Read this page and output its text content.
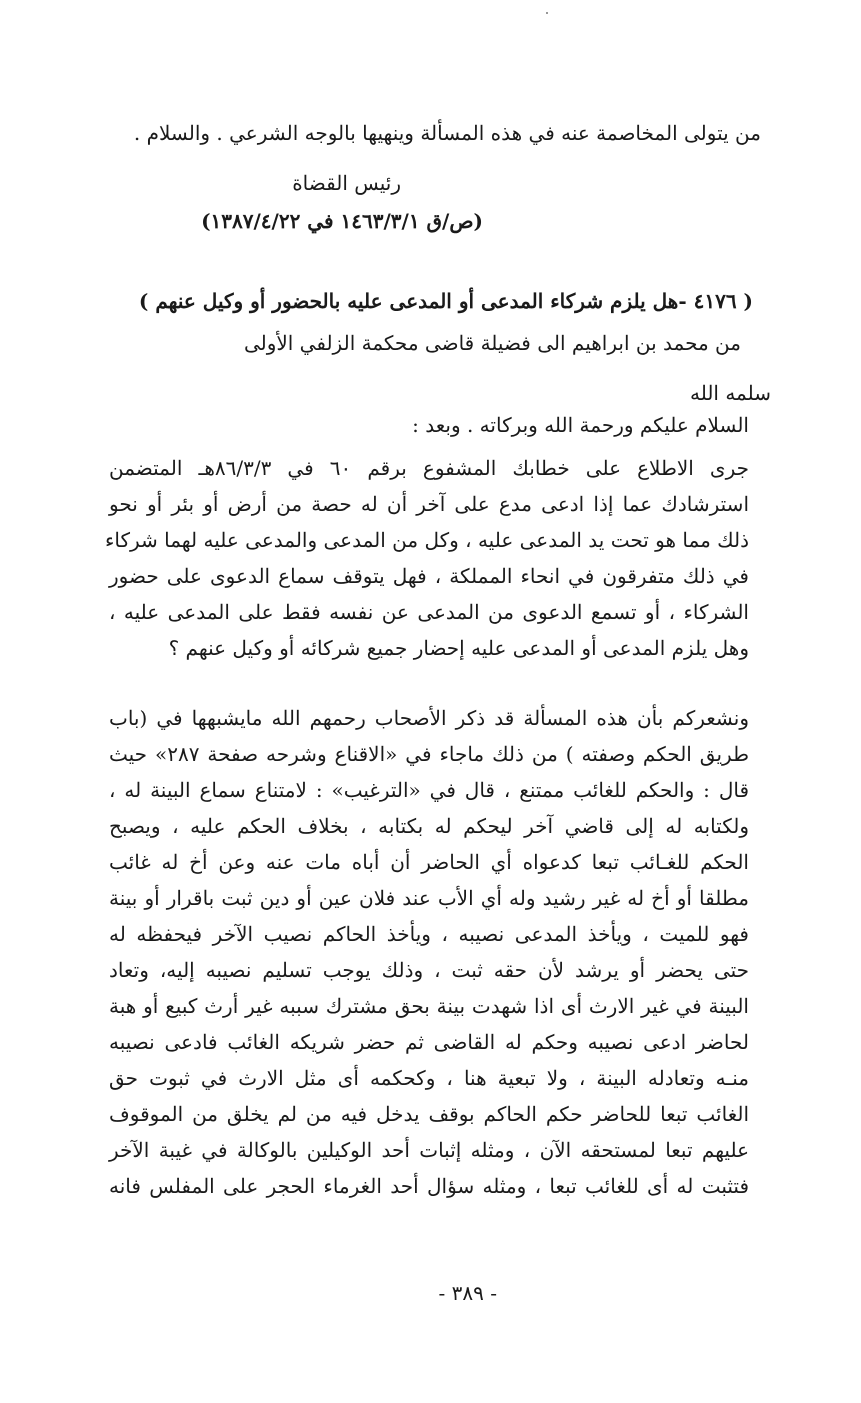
من يتولى المخاصمة عنه في هذه المسألة وينهيها بالوجه الشرعي . والسلام .
رئيس القضاة
(ص/ق ١٤٦٣/٣/١ في ١٣٨٧/٤/٢٢)
( ٤١٧٦ -هل يلزم شركاء المدعى أو المدعى عليه بالحضور أو وكيل عنهم )
من محمد بن ابراهيم الى فضيلة قاضى محكمة الزلفي الأولى
سلمه الله
السلام عليكم ورحمة الله وبركاته . وبعد :
جرى الاطلاع على خطابك المشفوع برقم ٦٠ في ٨٦/٣/٣هـ المتضمن
استرشادك عما إذا ادعى مدع على آخر أن له حصة من أرض أو بئر أو نحو
ذلك مما هو تحت يد المدعى عليه ، وكل من المدعى والمدعى عليه لهما شركاء
في ذلك متفرقون في انحاء المملكة ، فهل يتوقف سماع الدعوى على حضور
الشركاء ، أو تسمع الدعوى من المدعى عن نفسه فقط على المدعى عليه ،
وهل يلزم المدعى أو المدعى عليه إحضار جميع شركائه أو وكيل عنهم ؟
ونشعركم بأن هذه المسألة قد ذكر الأصحاب رحمهم الله مايشبهها في (باب
طريق الحكم وصفته ) من ذلك ماجاء في «الاقناع وشرحه صفحة ٢٨٧» حيث
قال : والحكم للغائب ممتنع ، قال في «الترغيب» : لامتناع سماع البينة له ،
ولكتابه له إلى قاضي آخر ليحكم له بكتابه ، بخلاف الحكم عليه ، ويصبح
الحكم للغـائب تبعا كدعواه أي الحاضر أن أباه مات عنه وعن أخ له غائب
مطلقا أو أخ له غير رشيد وله أي الأب عند فلان عين أو دين ثبت باقرار أو بينة
فهو للميت ، ويأخذ المدعى نصيبه ، ويأخذ الحاكم نصيب الآخر فيحفظه له
حتى يحضر أو يرشد لأن حقه ثبت ، وذلك يوجب تسليم نصيبه إليه، وتعاد
البينة في غير الارث أى اذا شهدت بينة بحق مشترك سببه غير أرث كبيع أو هبة
لحاضر ادعى نصيبه وحكم له القاضى ثم حضر شريكه الغائب فادعى نصيبه
منـه وتعادله البينة ، ولا تبعية هنا ، وكحكمه أى مثل الارث في ثبوت حق
الغائب تبعا للحاضر حكم الحاكم بوقف يدخل فيه من لم يخلق من الموقوف
عليهم تبعا لمستحقه الآن ، ومثله إثبات أحد الوكيلين بالوكالة في غيبة الآخر
فتثبت له أى للغائب تبعا ، ومثله سؤال أحد الغرماء الحجر على المفلس فانه
- ٣٨٩ -
